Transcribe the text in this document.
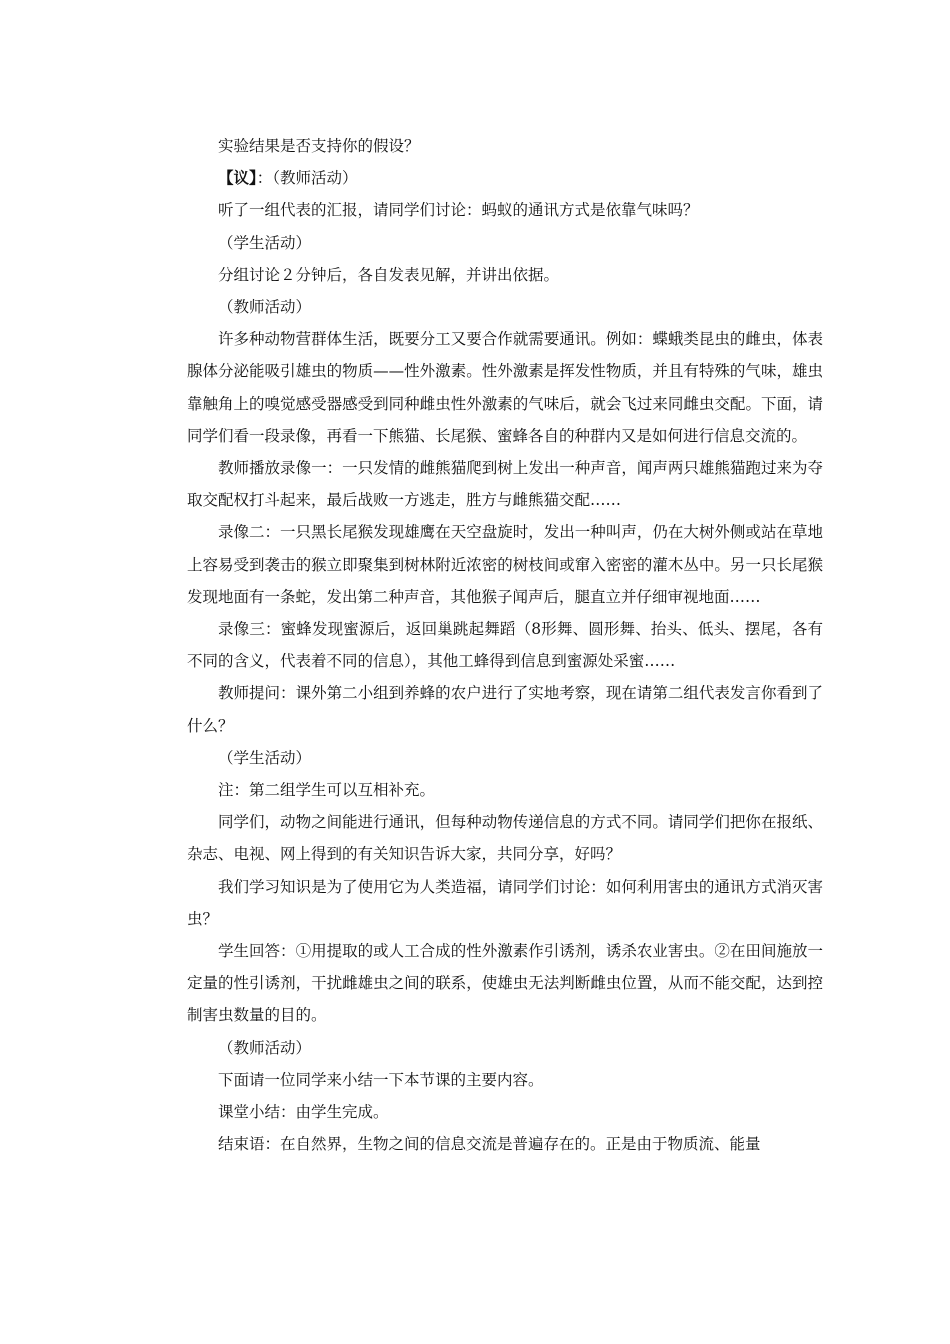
实验结果是否支持你的假设？

【议】：（教师活动）

听了一组代表的汇报，请同学们讨论：蚂蚁的通讯方式是依靠气味吗？

（学生活动）

分组讨论２分钟后，各自发表见解，并讲出依据。

（教师活动）

许多种动物营群体生活，既要分工又要合作就需要通讯。例如：蝶蛾类昆虫的雌虫，体表腺体分泌能吸引雄虫的物质——性外激素。性外激素是挥发性物质，并且有特殊的气味，雄虫靠触角上的嗅觉感受器感受到同种雌虫性外激素的气味后，就会飞过来同雌虫交配。下面，请同学们看一段录像，再看一下熊猫、长尾猴、蜜蜂各自的种群内又是如何进行信息交流的。

教师播放录像一：一只发情的雌熊猫爬到树上发出一种声音，闻声两只雄熊猫跑过来为夺取交配权打斗起来，最后战败一方逃走，胜方与雌熊猫交配……

录像二：一只黑长尾猴发现雄鹰在天空盘旋时，发出一种叫声，仍在大树外侧或站在草地上容易受到袭击的猴立即聚集到树林附近浓密的树枝间或窜入密密的灌木丛中。另一只长尾猴发现地面有一条蛇，发出第二种声音，其他猴子闻声后，腿直立并仔细审视地面……

录像三：蜜蜂发现蜜源后，返回巢跳起舞蹈（8形舞、圆形舞、抬头、低头、摆尾，各有不同的含义，代表着不同的信息），其他工蜂得到信息到蜜源处采蜜……

教师提问：课外第二小组到养蜂的农户进行了实地考察，现在请第二组代表发言你看到了什么？

（学生活动）

注：第二组学生可以互相补充。

同学们，动物之间能进行通讯，但每种动物传递信息的方式不同。请同学们把你在报纸、杂志、电视、网上得到的有关知识告诉大家，共同分享，好吗？

我们学习知识是为了使用它为人类造福，请同学们讨论：如何利用害虫的通讯方式消灭害虫？

学生回答：①用提取的或人工合成的性外激素作引诱剂，诱杀农业害虫。②在田间施放一定量的性引诱剂，干扰雌雄虫之间的联系，使雄虫无法判断雌虫位置，从而不能交配，达到控制害虫数量的目的。

（教师活动）

下面请一位同学来小结一下本节课的主要内容。

课堂小结：由学生完成。

结束语：在自然界，生物之间的信息交流是普遍存在的。正是由于物质流、能量
